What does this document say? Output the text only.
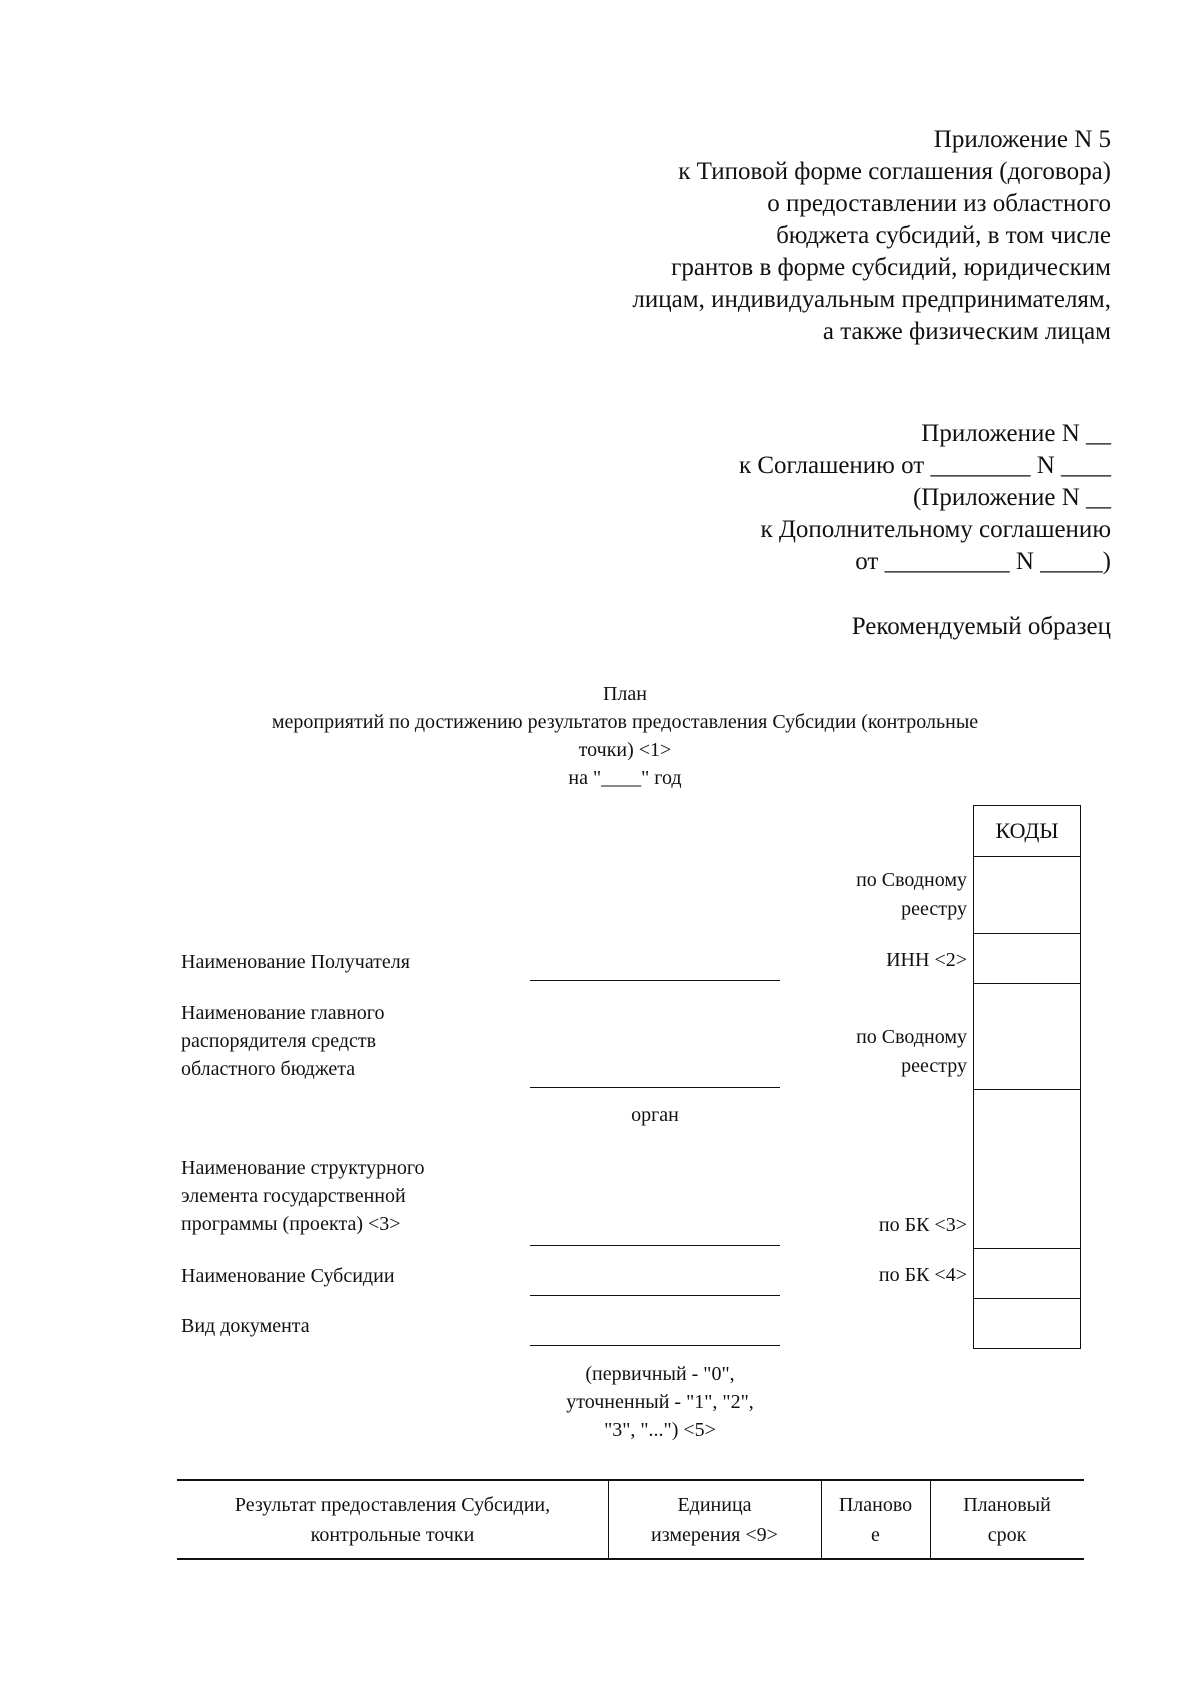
Приложение N 5
к Типовой форме соглашения (договора)
о предоставлении из областного
бюджета субсидий, в том числе
грантов в форме субсидий, юридическим
лицам, индивидуальным предпринимателям,
а также физическим лицам
Приложение N __
к Соглашению от ________ N ____
(Приложение N __
к Дополнительному соглашению
от __________ N _____)
Рекомендуемый образец
План
мероприятий по достижению результатов предоставления Субсидии (контрольные
точки) <1>
на "____" год
КОДЫ
по Сводному
реестру
ИНН <2>
по Сводному
реестру
по БК <3>
по БК <4>
Наименование Получателя
Наименование главного
распорядителя средств
областного бюджета
Наименование структурного
элемента государственной
программы (проекта) <3>
Наименование Субсидии
Вид документа
орган
(первичный - "0",
уточненный - "1", "2",
"3", "...") <5>
Результат предоставления Субсидии,
контрольные точки
Единица
измерения <9>
Планово
е
Плановый
срок
